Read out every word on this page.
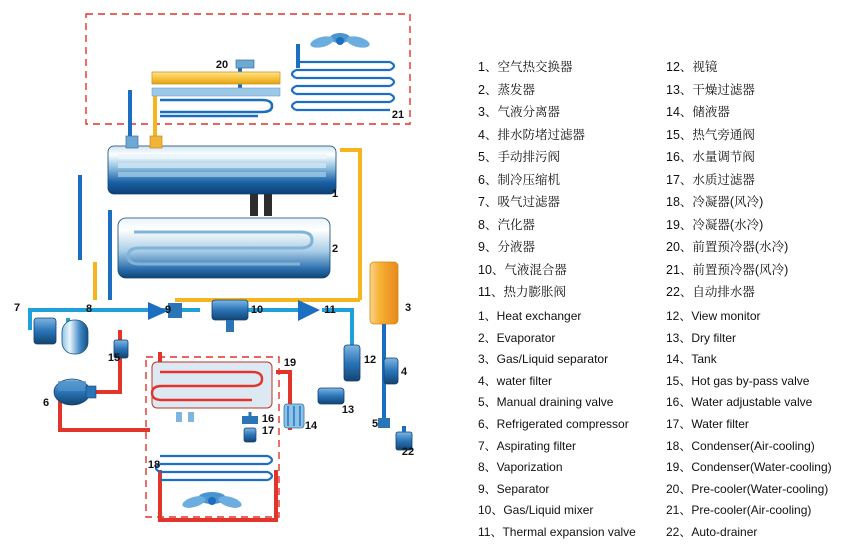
1
2
3
4
5
6
7	8	9	10	11
12
13
14
15
16
17
18
19
20
21
22
1、空气热交换器
2、蒸发器
3、气液分离器
4、排水防堵过滤器
5、手动排污阀
6、制冷压缩机
7、吸气过滤器
8、汽化器
9、分液器
10、气液混合器
11、热力膨胀阀
12、视镜
13、干燥过滤器
14、储液器
15、热气旁通阀
16、水量调节阀
17、水质过滤器
18、冷凝器(风冷)
19、冷凝器(水冷)
20、前置预冷器(水冷)
21、前置预冷器(风冷)
22、自动排水器
1、Heat exchanger
2、Evaporator
3、Gas/Liquid separator
4、water filter
5、Manual draining valve
6、Refrigerated compressor
7、Aspirating filter
8、Vaporization
9、Separator
10、Gas/Liquid mixer
11、Thermal expansion valve
12、View monitor
13、Dry filter
14、Tank
15、Hot gas by-pass valve
16、Water adjustable valve
17、Water filter
18、Condenser(Air-cooling)
19、Condenser(Water-cooling)
20、Pre-cooler(Water-cooling)
21、Pre-cooler(Air-cooling)
22、Auto-drainer
